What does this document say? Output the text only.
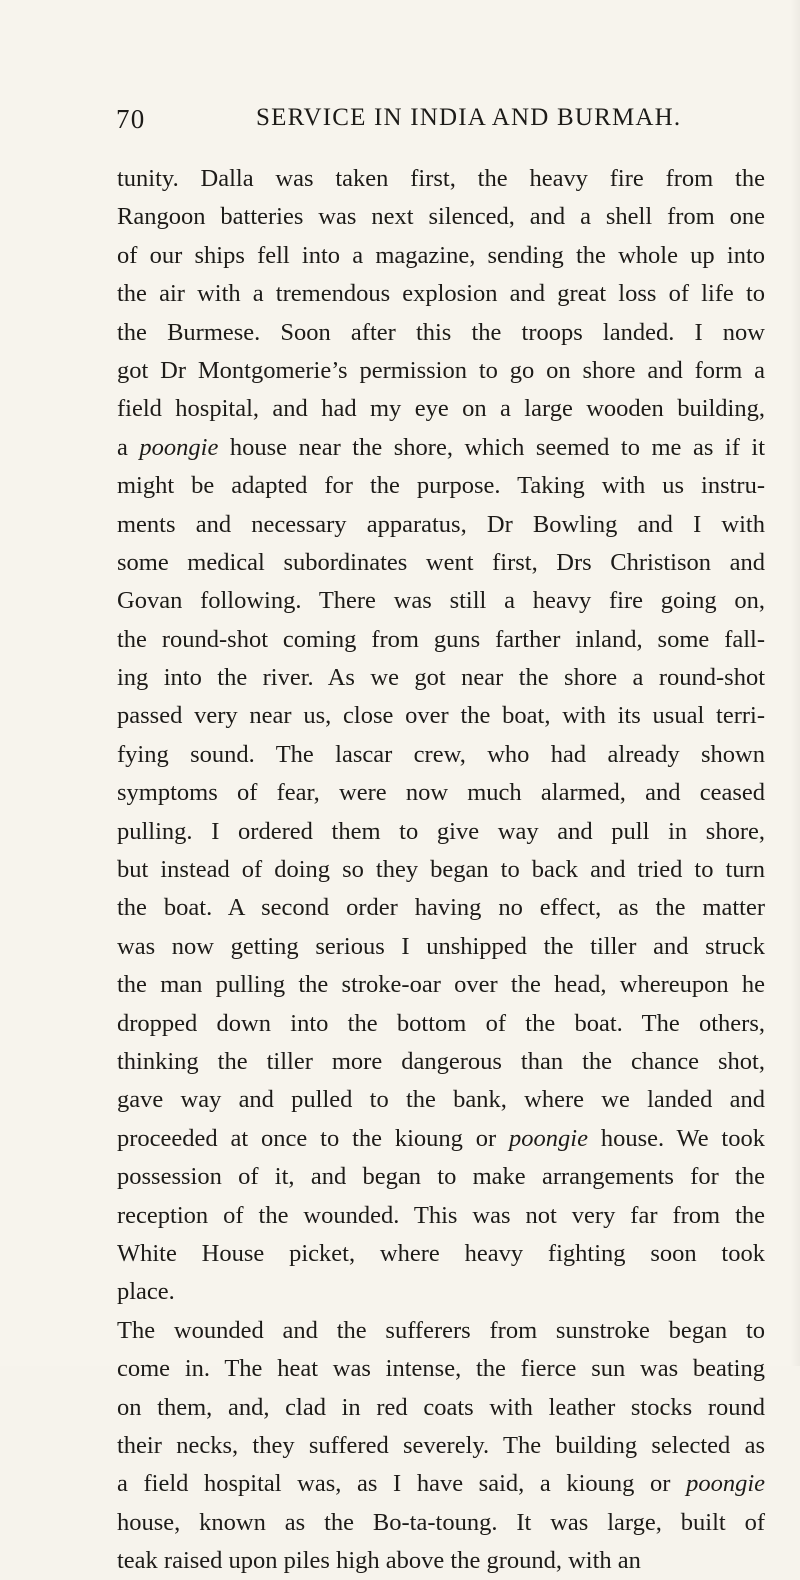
70	SERVICE IN INDIA AND BURMAH.
tunity. Dalla was taken first, the heavy fire from the
Rangoon batteries was next silenced, and a shell from one
of our ships fell into a magazine, sending the whole up into
the air with a tremendous explosion and great loss of life to
the Burmese. Soon after this the troops landed. I now
got Dr Montgomerie’s permission to go on shore and form a
field hospital, and had my eye on a large wooden building,
a poongie house near the shore, which seemed to me as if it
might be adapted for the purpose. Taking with us instru-
ments and necessary apparatus, Dr Bowling and I with
some medical subordinates went first, Drs Christison and
Govan following. There was still a heavy fire going on,
the round-shot coming from guns farther inland, some fall-
ing into the river. As we got near the shore a round-shot
passed very near us, close over the boat, with its usual terri-
fying sound. The lascar crew, who had already shown
symptoms of fear, were now much alarmed, and ceased
pulling. I ordered them to give way and pull in shore,
but instead of doing so they began to back and tried to turn
the boat. A second order having no effect, as the matter
was now getting serious I unshipped the tiller and struck
the man pulling the stroke-oar over the head, whereupon he
dropped down into the bottom of the boat. The others,
thinking the tiller more dangerous than the chance shot,
gave way and pulled to the bank, where we landed and
proceeded at once to the kioung or poongie house. We took
possession of it, and began to make arrangements for the
reception of the wounded. This was not very far from the
White House picket, where heavy fighting soon took
place.
The wounded and the sufferers from sunstroke began to
come in. The heat was intense, the fierce sun was beating
on them, and, clad in red coats with leather stocks round
their necks, they suffered severely. The building selected as
a field hospital was, as I have said, a kioung or poongie
house, known as the Bo-ta-toung. It was large, built of
teak raised upon piles high above the ground, with an
